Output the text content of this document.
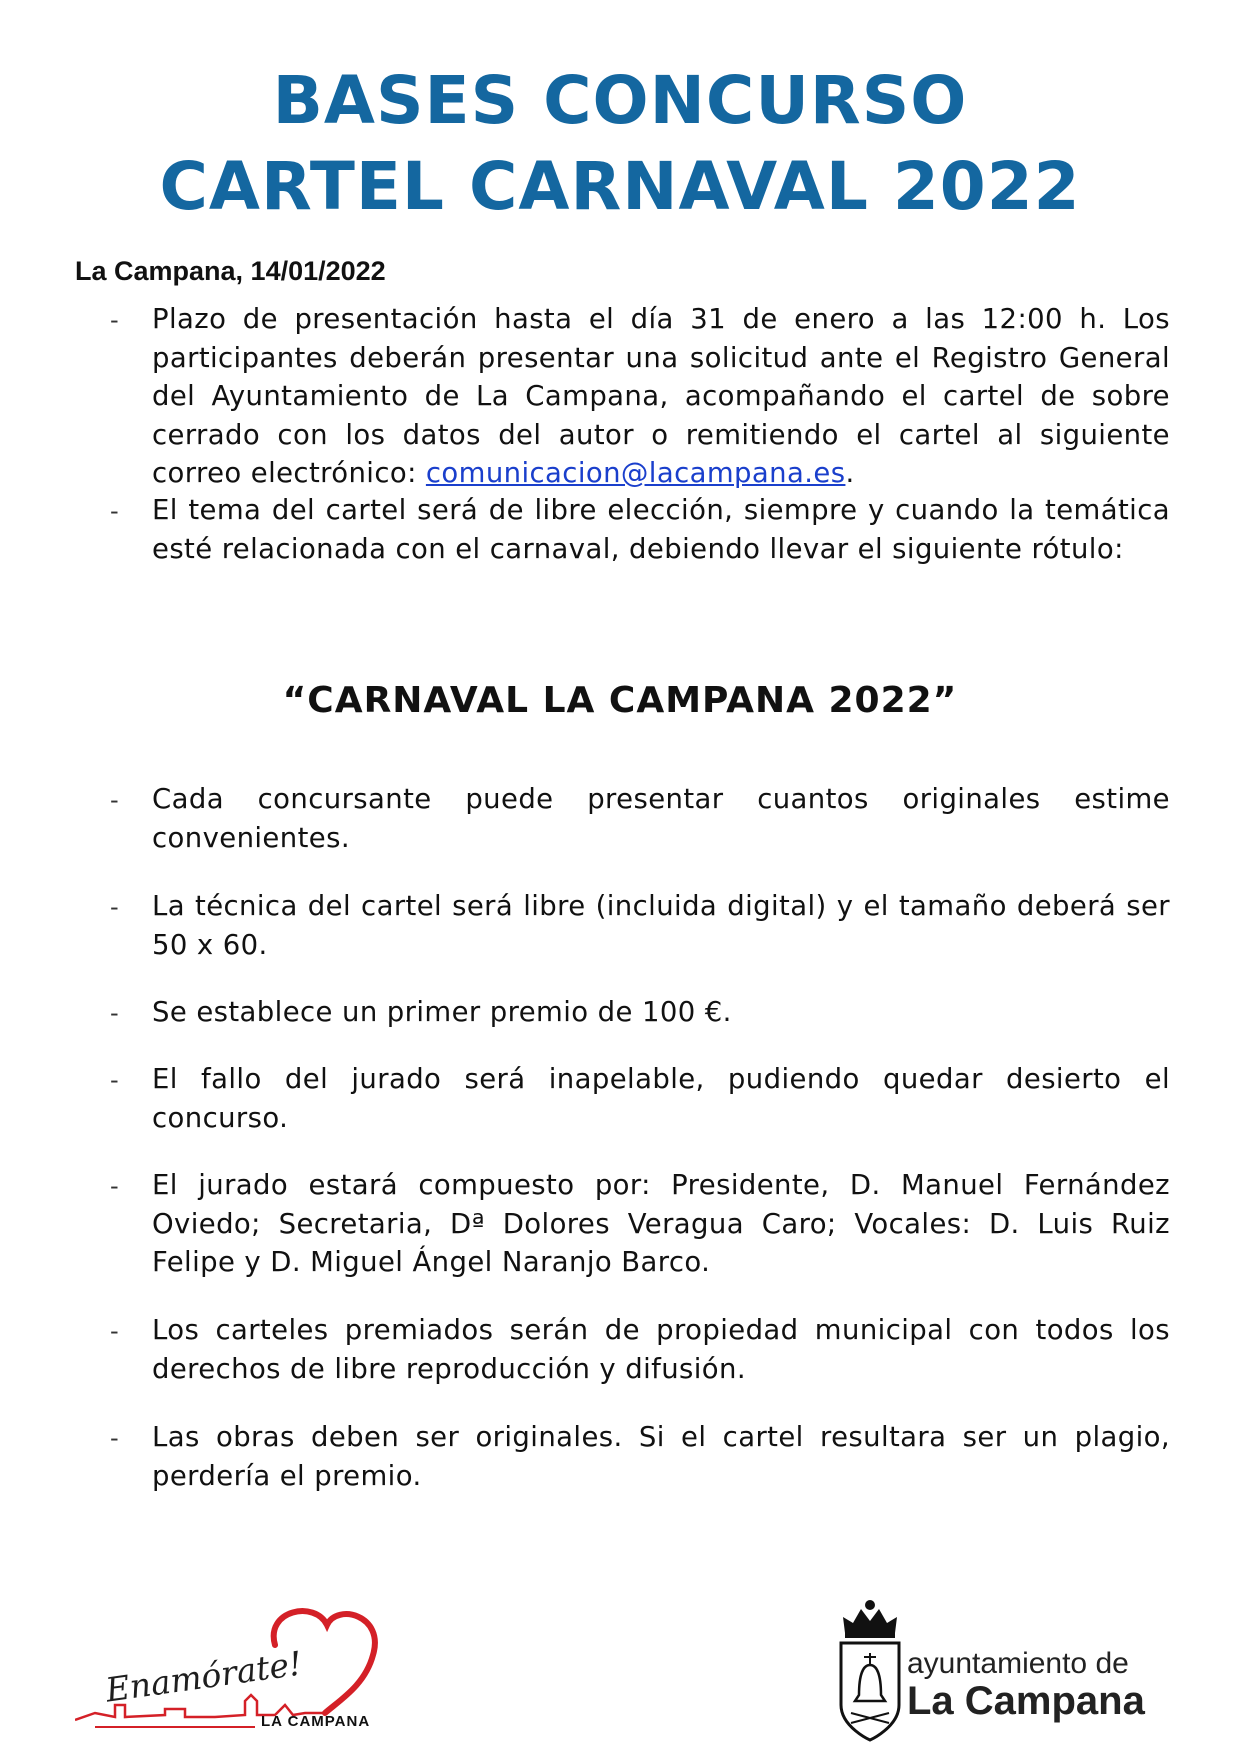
BASES CONCURSO
CARTEL CARNAVAL 2022
La Campana, 14/01/2022
- Plazo de presentación hasta el día 31 de enero a las 12:00 h. Los participantes deberán presentar una solicitud ante el Registro General del Ayuntamiento de La Campana, acompañando el cartel de sobre cerrado con los datos del autor o remitiendo el cartel al siguiente correo electrónico: comunicacion@lacampana.es.
- El tema del cartel será de libre elección, siempre y cuando la temática esté relacionada con el carnaval, debiendo llevar el siguiente rótulo:
“CARNAVAL LA CAMPANA 2022”
- Cada concursante puede presentar cuantos originales estime convenientes.
- La técnica del cartel será libre (incluida digital) y el tamaño deberá ser 50 x 60.
- Se establece un primer premio de 100 €.
- El fallo del jurado será inapelable, pudiendo quedar desierto el concurso.
- El jurado estará compuesto por: Presidente, D. Manuel Fernández Oviedo; Secretaria, Dª Dolores Veragua Caro; Vocales: D. Luis Ruiz Felipe y D. Miguel Ángel Naranjo Barco.
- Los carteles premiados serán de propiedad municipal con todos los derechos de libre reproducción y difusión.
- Las obras deben ser originales. Si el cartel resultara ser un plagio, perdería el premio.
Enamórate!
LA CAMPANA
ayuntamiento de
La Campana
